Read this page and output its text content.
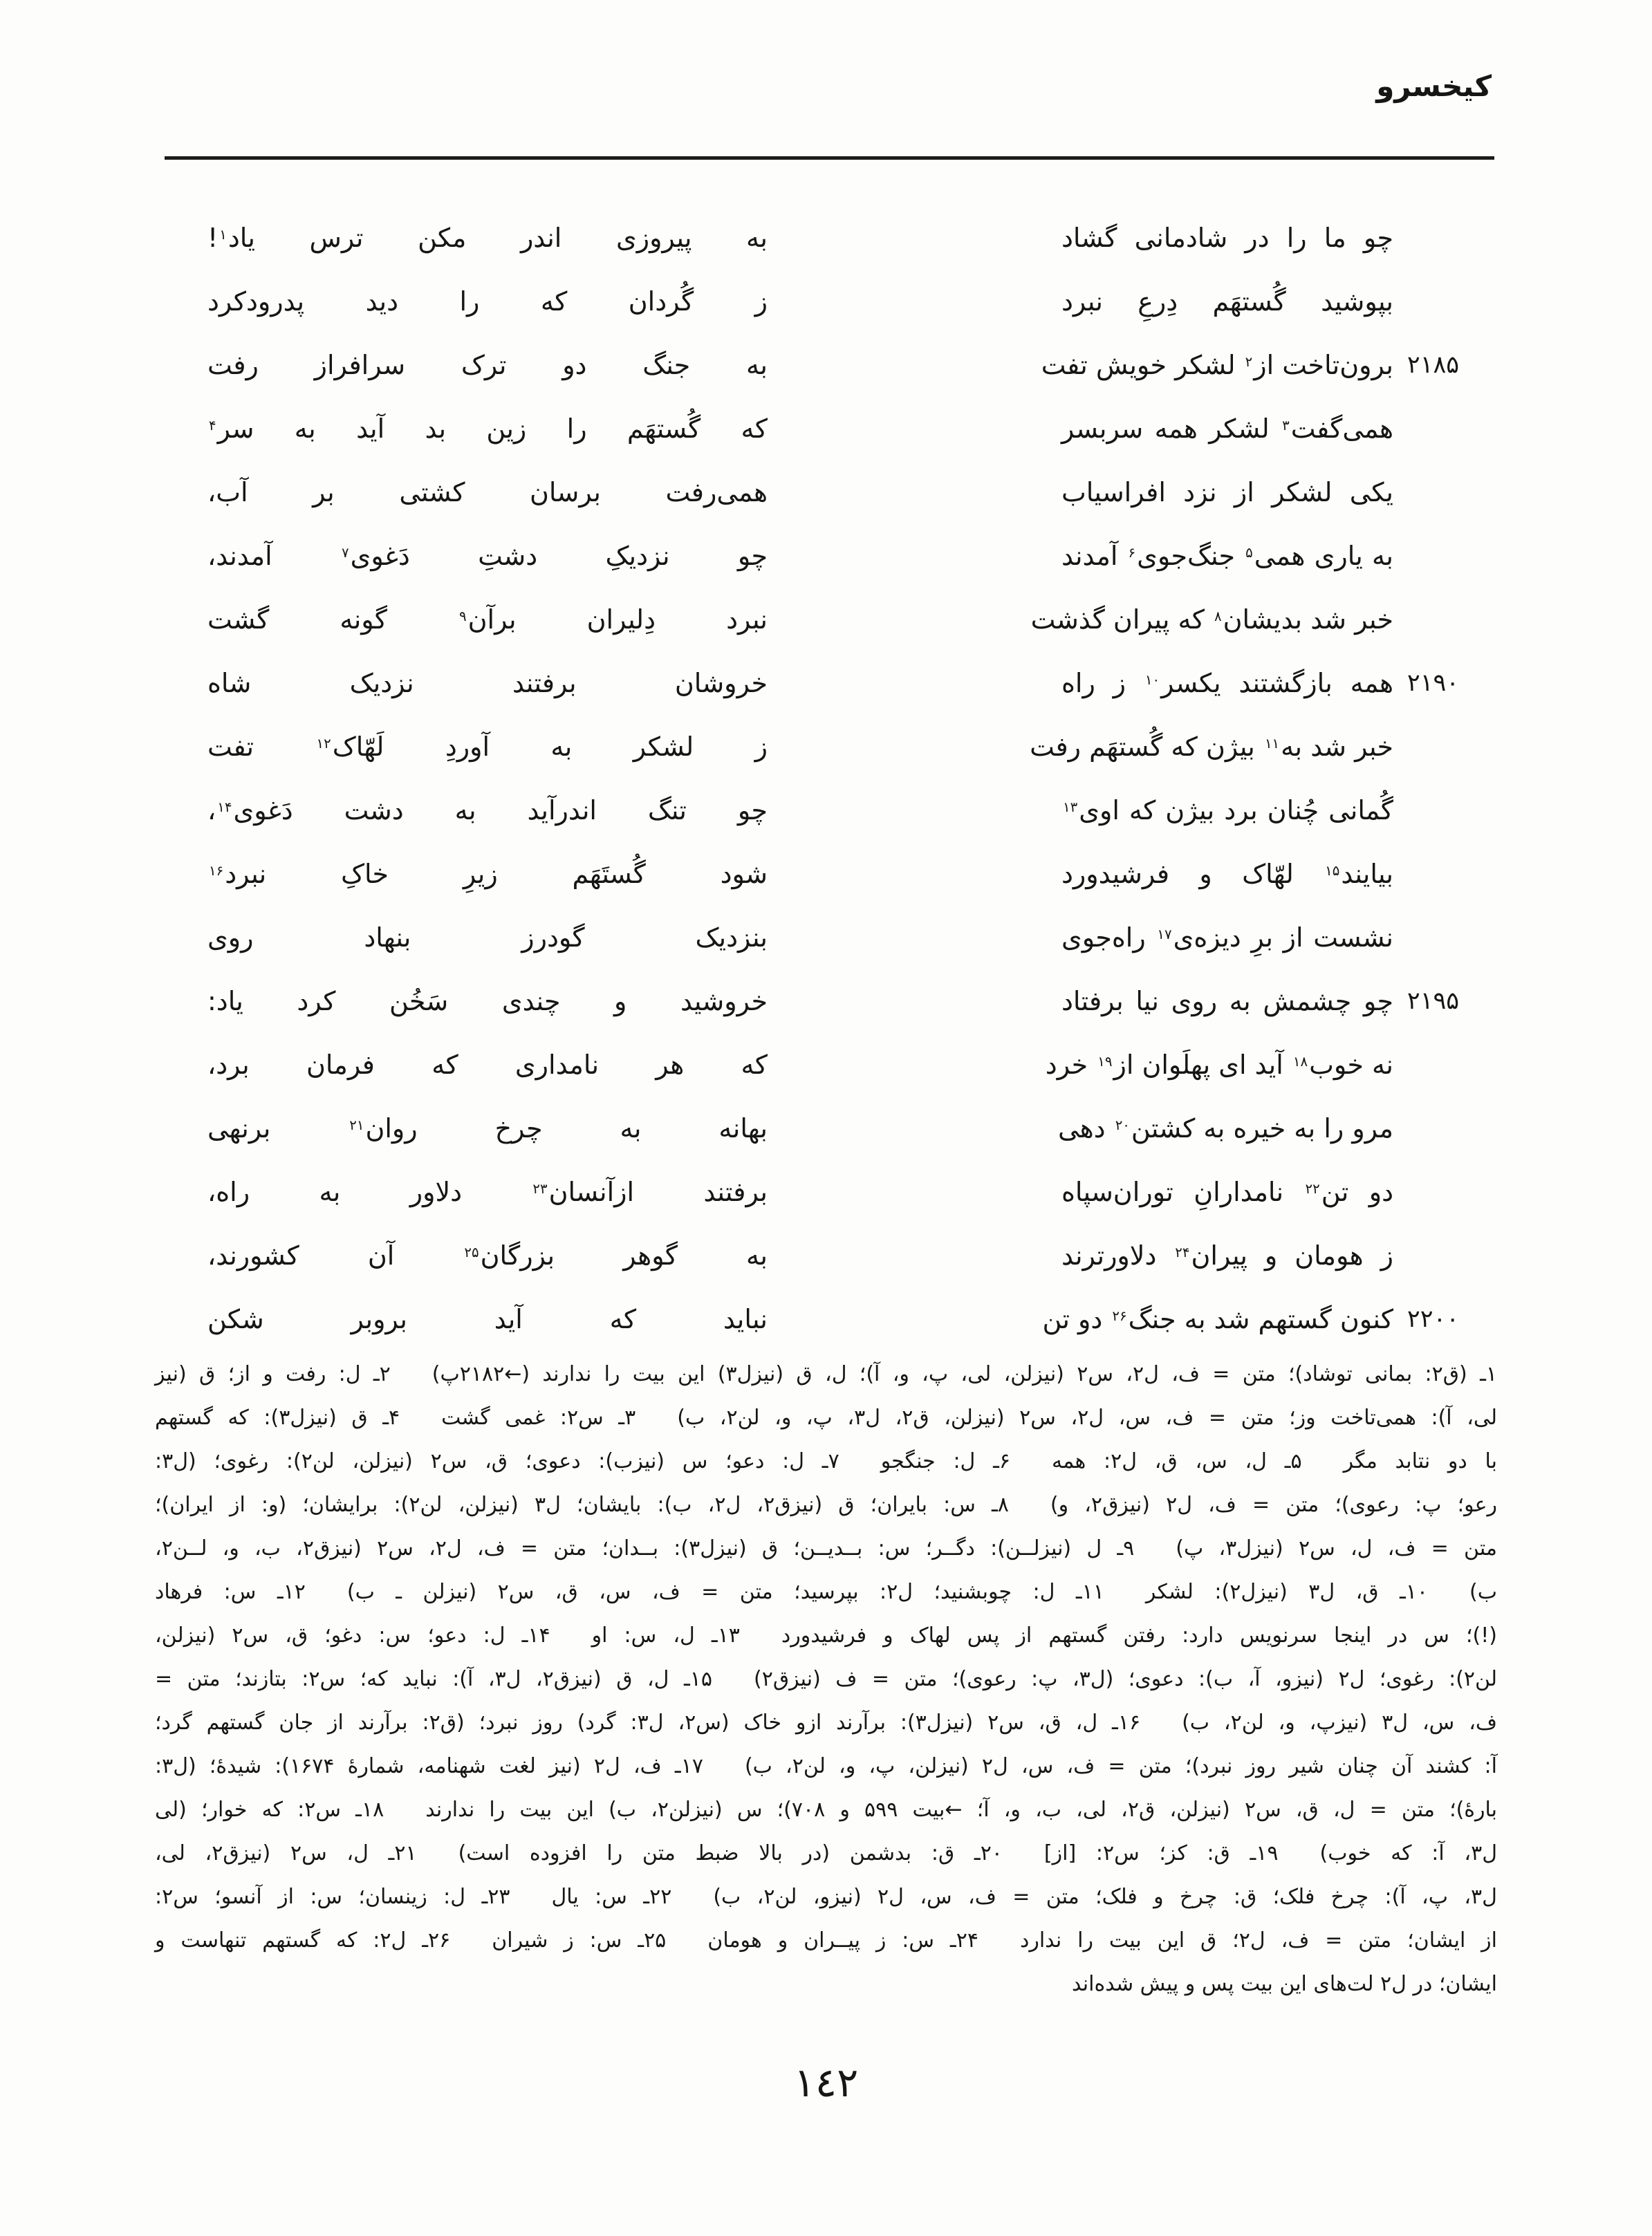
کیخسرو
چو ما را در شادمانی گشاد
به پیروزی اندر مکن ترس یاد$^۱$!
بپوشید گُستهَم دِرعِ نبرد
ز گُردان که را دید پدرودکرد
۲۱۸۵
برون‌تاخت از$^۲$ لشکر خویش تفت
به جنگ دو ترک سرافراز رفت
همی‌گفت$^۳$ لشکر همه سربسر
که گُستهَم را زین بد آید به سر$^۴$
یکی لشکر از نزد افراسیاب
همی‌رفت برسان کشتی بر آب،
به یاری همی$^۵$ جنگ‌جوی$^۶$ آمدند
چو نزدیکِ دشتِ دَغوی$^۷$ آمدند،
خبر شد بدیشان$^۸$ که پیران گذشت
نبرد دِلیران برآن$^۹$ گونه گشت
۲۱۹۰
همه بازگشتند یکسر$^{۱۰}$ ز راه
خروشان برفتند نزدیک شاه
خبر شد به$^{۱۱}$ بیژن که گُستهَم رفت
ز لشکر به آوردِ لَهّاک$^{۱۲}$ تفت
گُمانی چُنان برد بیژن که اوی$^{۱۳}$
چو تنگ اندرآید به دشت دَغوی$^{۱۴}$،
بیایند$^{۱۵}$ لهّاک و فرشیدورد
شود گُستَهَم زیرِ خاکِ نبرد$^{۱۶}$
نشست از برِ دیزه‌ی$^{۱۷}$ راه‌جوی
بنزدیک گودرز بنهاد روی
۲۱۹۵
چو چشمش به روی نیا برفتاد
خروشید و چندی سَخُن کرد یاد:
نه خوب$^{۱۸}$ آید ای پهلَوان از$^{۱۹}$ خرد
که هر نامداری که فرمان برد،
مرو را به خیره به کشتن$^{۲۰}$ دهی
بهانه به چرخ روان$^{۲۱}$ برنهی
دو تن$^{۲۲}$ نامدارانِ توران‌سپاه
برفتند ازآنسان$^{۲۳}$ دلاور به راه،
ز هومان و پیران$^{۲۴}$ دلاورترند
به گوهر بزرگان$^{۲۵}$ آن کشورند،
۲۲۰۰
کنون گستهم شد به جنگ$^{۲۶}$ دو تن
نباید که آید بروبر شکن
۱ـ (ق۲: بمانی توشاد)؛ متن = ف، ل۲، س۲ (نیزلن، لی، پ، و، آ)؛ ل، ق (نیزل۳) این بیت را ندارند (←۲۱۸۲پ)  ۲ـ ل: رفت و از؛ ق (نیز
لی، آ): همی‌تاخت وز؛ متن = ف، س، ل۲، س۲ (نیزلن، ق۲، ل۳، پ، و، لن۲، ب)  ۳ـ س۲: غمی گشت  ۴ـ ق (نیزل۳): که گستهم
با دو نتابد مگر  ۵ـ ل، س، ق، ل۲: همه  ۶ـ ل: جنگجو  ۷ـ ل: دعو؛ س (نیزب): دعوی؛ ق، س۲ (نیزلن، لن۲): رغوی؛ (ل۳:
رعو؛ پ: رعوی)؛ متن = ف، ل۲ (نیزق۲، و)  ۸ـ س: بایران؛ ق (نیزق۲، ل۲، ب): بایشان؛ ل۳ (نیزلن، لن۲): برایشان؛ (و: از ایران)؛
متن = ف، ل، س۲ (نیزل۳، پ)  ۹ـ ل (نیزلــن): دگــر؛ س: بــدیــن؛ ق (نیزل۳): بــدان؛ متن = ف، ل۲، س۲ (نیزق۲، ب، و، لــن۲،
ب)  ۱۰ـ ق، ل۳ (نیزل۲): لشکر  ۱۱ـ ل: چوبشنید؛ ل۲: بپرسید؛ متن = ف، س، ق، س۲ (نیزلن ـ ب)  ۱۲ـ س: فرهاد
(!)؛ س در اینجا سرنویس دارد: رفتن گستهم از پس لهاک و فرشیدورد  ۱۳ـ ل، س: او  ۱۴ـ ل: دعو؛ س: دغو؛ ق، س۲ (نیزلن،
لن۲): رغوی؛ ل۲ (نیزو، آ، ب): دعوی؛ (ل۳، پ: رعوی)؛ متن = ف (نیزق۲)  ۱۵ـ ل، ق (نیزق۲، ل۳، آ): نباید که؛ س۲: بتازند؛ متن =
ف، س، ل۳ (نیزپ، و، لن۲، ب)  ۱۶ـ ل، ق، س۲ (نیزل۳): برآرند ازو خاک (س۲، ل۳: گرد) روز نبرد؛ (ق۲: برآرند از جان گستهم گرد؛
آ: کشند آن چنان شیر روز نبرد)؛ متن = ف، س، ل۲ (نیزلن، پ، و، لن۲، ب)  ۱۷ـ ف، ل۲ (نیز لغت شهنامه، شمارهٔ ۱۶۷۴): شیدهٔ؛ (ل۳:
بارهٔ)؛ متن = ل، ق، س۲ (نیزلن، ق۲، لی، ب، و، آ؛ ←بیت ۵۹۹ و ۷۰۸)؛ س (نیزلن۲، ب) این بیت را ندارند  ۱۸ـ س۲: که خوار؛ (لی
ل۳، آ: که خوب)  ۱۹ـ ق: کز؛ س۲: [از]  ۲۰ـ ق: بدشمن (در بالا ضبط متن را افزوده است)  ۲۱ـ ل، س۲ (نیزق۲، لی،
ل۳، پ، آ): چرخ فلک؛ ق: چرخ و فلک؛ متن = ف، س، ل۲ (نیزو، لن۲، ب)  ۲۲ـ س: یال  ۲۳ـ ل: زینسان؛ س: از آنسو؛ س۲:
از ایشان؛ متن = ف، ل۲؛ ق این بیت را ندارد  ۲۴ـ س: ز پیــران و هومان  ۲۵ـ س: ز شیران  ۲۶ـ ل۲: که گستهم تنهاست و
ایشان؛ در ل۲ لت‌های این بیت پس و پیش شده‌اند
١٤٢
